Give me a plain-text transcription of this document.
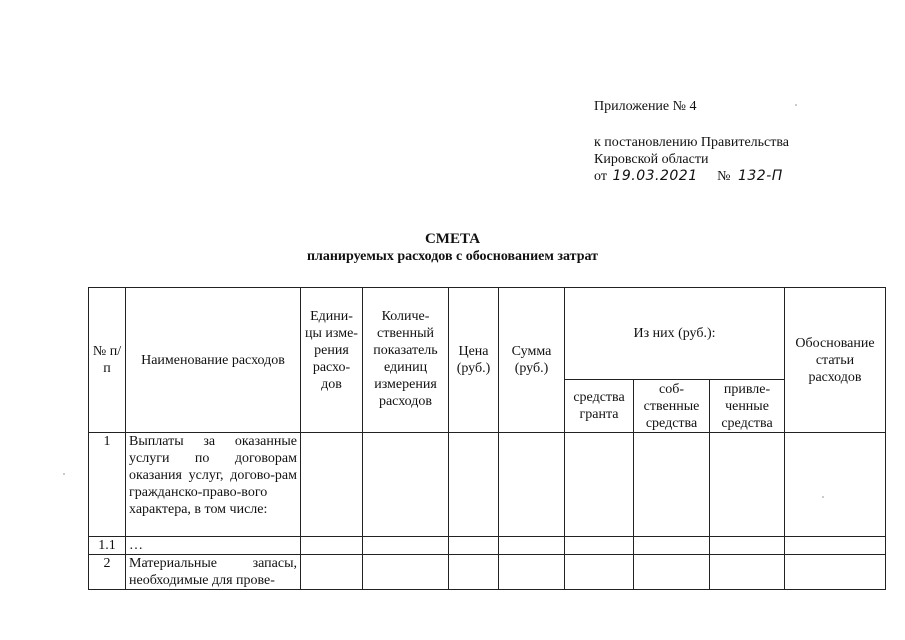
Приложение № 4
к постановлению Правительства
Кировской области
от 19.03.2021 № 132-П
СМЕТА
планируемых расходов с обоснованием затрат
№ п/п	Наименование расходов	Едини-цы изме-рения расхо-дов	Количе-ственный показатель единиц измерения расходов	Цена (руб.)	Сумма (руб.)	Из них (руб.):			Обоснование статьи расходов
						средства гранта	соб-ственные средства	привле-ченные средства	
1	Выплаты за оказанные услуги по договорам оказания услуг, догово-рам гражданско-право-вого характера, в том числе:								
1.1	…								
2	Материальные запасы, необходимые для прове-								
